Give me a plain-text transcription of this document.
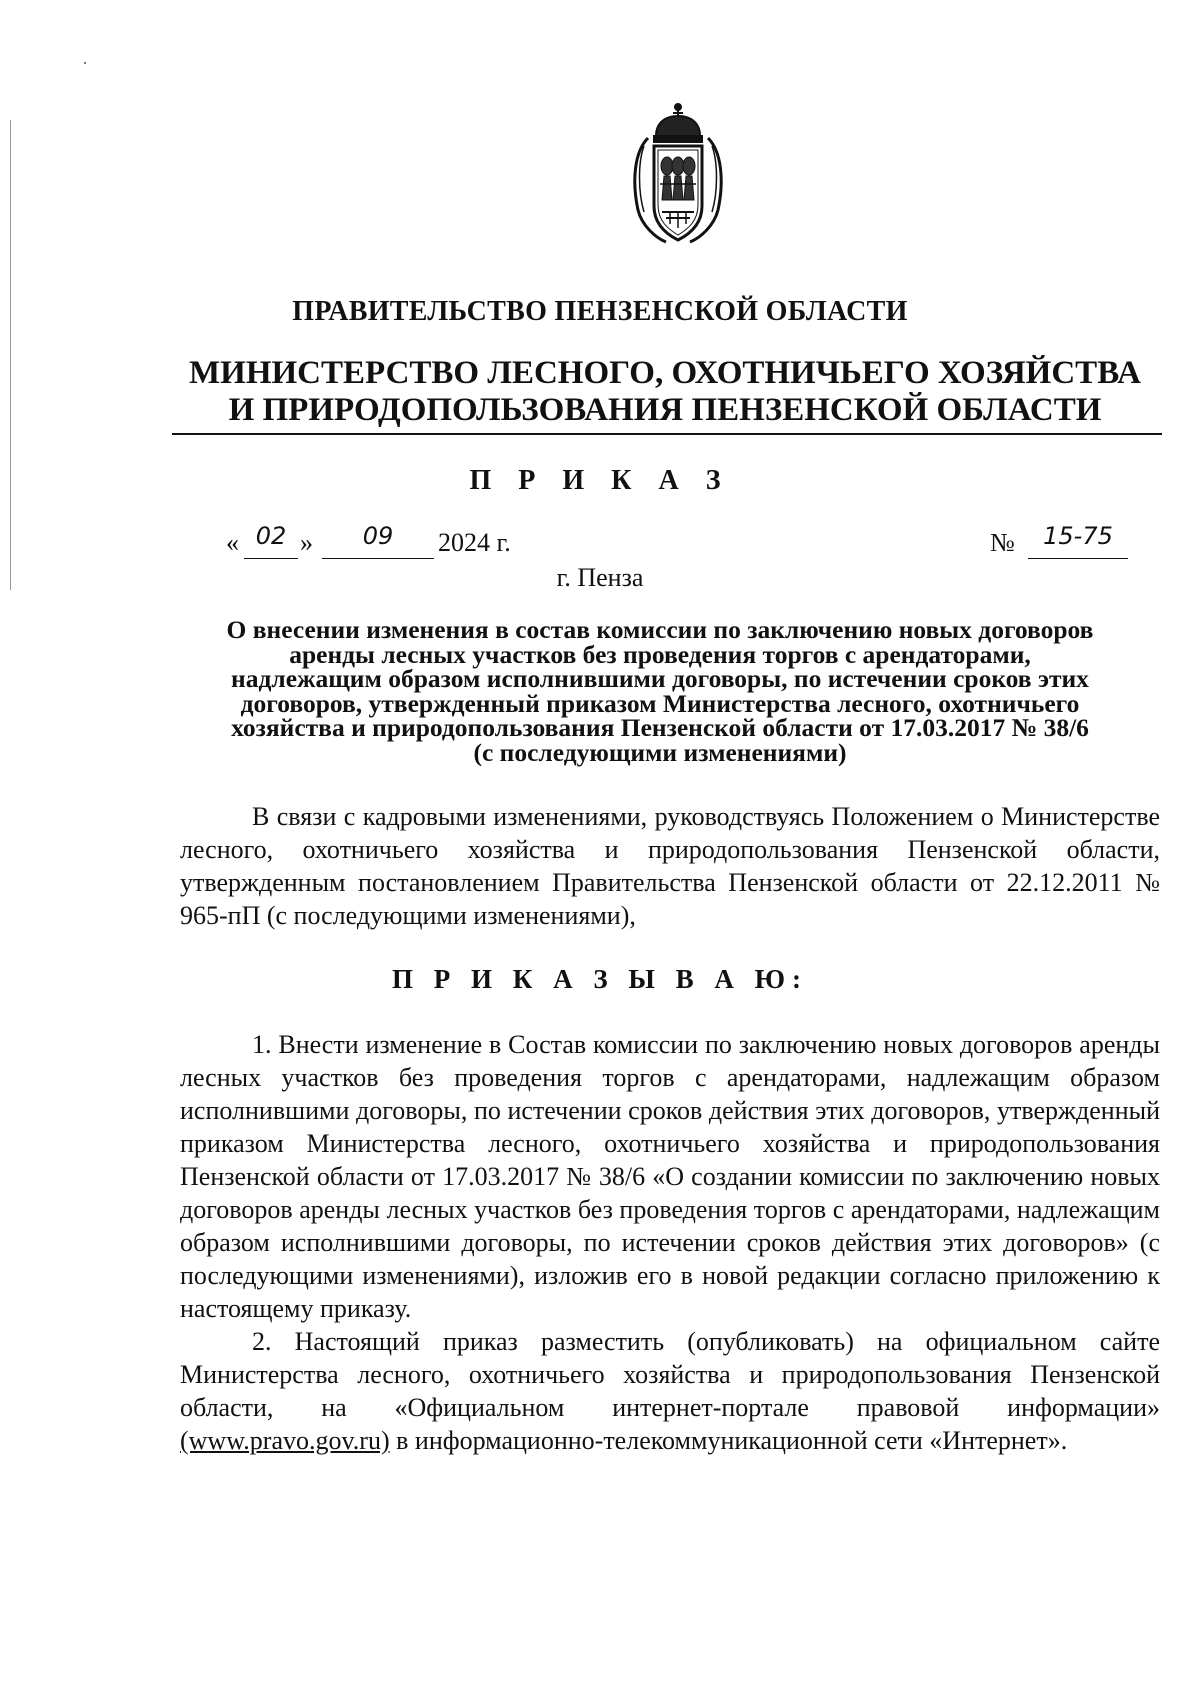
ПРАВИТЕЛЬСТВО ПЕНЗЕНСКОЙ ОБЛАСТИ
МИНИСТЕРСТВО ЛЕСНОГО, ОХОТНИЧЬЕГО ХОЗЯЙСТВА
И ПРИРОДОПОЛЬЗОВАНИЯ ПЕНЗЕНСКОЙ ОБЛАСТИ
П Р И К А З
« 02 »	09	2024 г.	№	15-75
г. Пенза
О внесении изменения в состав комиссии по заключению новых договоров
аренды лесных участков без проведения торгов с арендаторами,
надлежащим образом исполнившими договоры, по истечении сроков этих
договоров, утвержденный приказом Министерства лесного, охотничьего
хозяйства и природопользования Пензенской области от 17.03.2017 № 38/6
(с последующими изменениями)

В связи с кадровыми изменениями, руководствуясь Положением о Министерстве лесного, охотничьего хозяйства и природопользования Пензенской области, утвержденным постановлением Правительства Пензенской области от 22.12.2011 № 965-пП (с последующими изменениями),

П Р И К А З Ы В А Ю:

1. Внести изменение в Состав комиссии по заключению новых договоров аренды лесных участков без проведения торгов с арендаторами, надлежащим образом исполнившими договоры, по истечении сроков действия этих договоров, утвержденный приказом Министерства лесного, охотничьего хозяйства и природопользования Пензенской области от 17.03.2017 № 38/6 «О создании комиссии по заключению новых договоров аренды лесных участков без проведения торгов с арендаторами, надлежащим образом исполнившими договоры, по истечении сроков действия этих договоров» (с последующими изменениями), изложив его в новой редакции согласно приложению к настоящему приказу.

2. Настоящий приказ разместить (опубликовать) на официальном сайте Министерства лесного, охотничьего хозяйства и природопользования Пензенской области, на «Официальном интернет-портале правовой информации» (www.pravo.gov.ru) в информационно-телекоммуникационной сети «Интернет».
